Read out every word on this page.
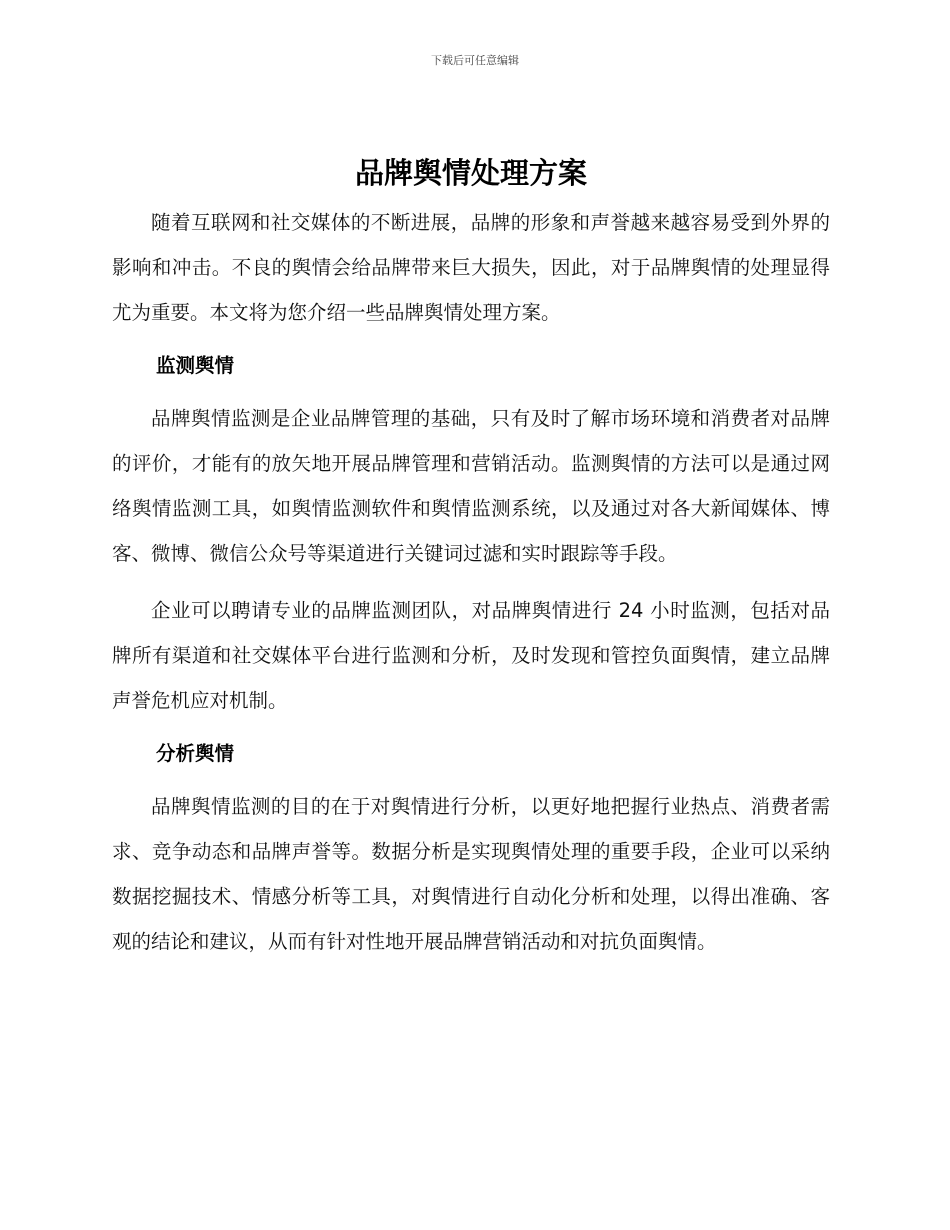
下载后可任意编辑
品牌舆情处理方案

随着互联网和社交媒体的不断进展，品牌的形象和声誉越来越容易受到外界的影响和冲击。不良的舆情会给品牌带来巨大损失，因此，对于品牌舆情的处理显得尤为重要。本文将为您介绍一些品牌舆情处理方案。

监测舆情

品牌舆情监测是企业品牌管理的基础，只有及时了解市场环境和消费者对品牌的评价，才能有的放矢地开展品牌管理和营销活动。监测舆情的方法可以是通过网络舆情监测工具，如舆情监测软件和舆情监测系统，以及通过对各大新闻媒体、博客、微博、微信公众号等渠道进行关键词过滤和实时跟踪等手段。

企业可以聘请专业的品牌监测团队，对品牌舆情进行 24 小时监测，包括对品牌所有渠道和社交媒体平台进行监测和分析，及时发现和管控负面舆情，建立品牌声誉危机应对机制。

分析舆情

品牌舆情监测的目的在于对舆情进行分析，以更好地把握行业热点、消费者需求、竞争动态和品牌声誉等。数据分析是实现舆情处理的重要手段，企业可以采纳数据挖掘技术、情感分析等工具，对舆情进行自动化分析和处理，以得出准确、客观的结论和建议，从而有针对性地开展品牌营销活动和对抗负面舆情。
